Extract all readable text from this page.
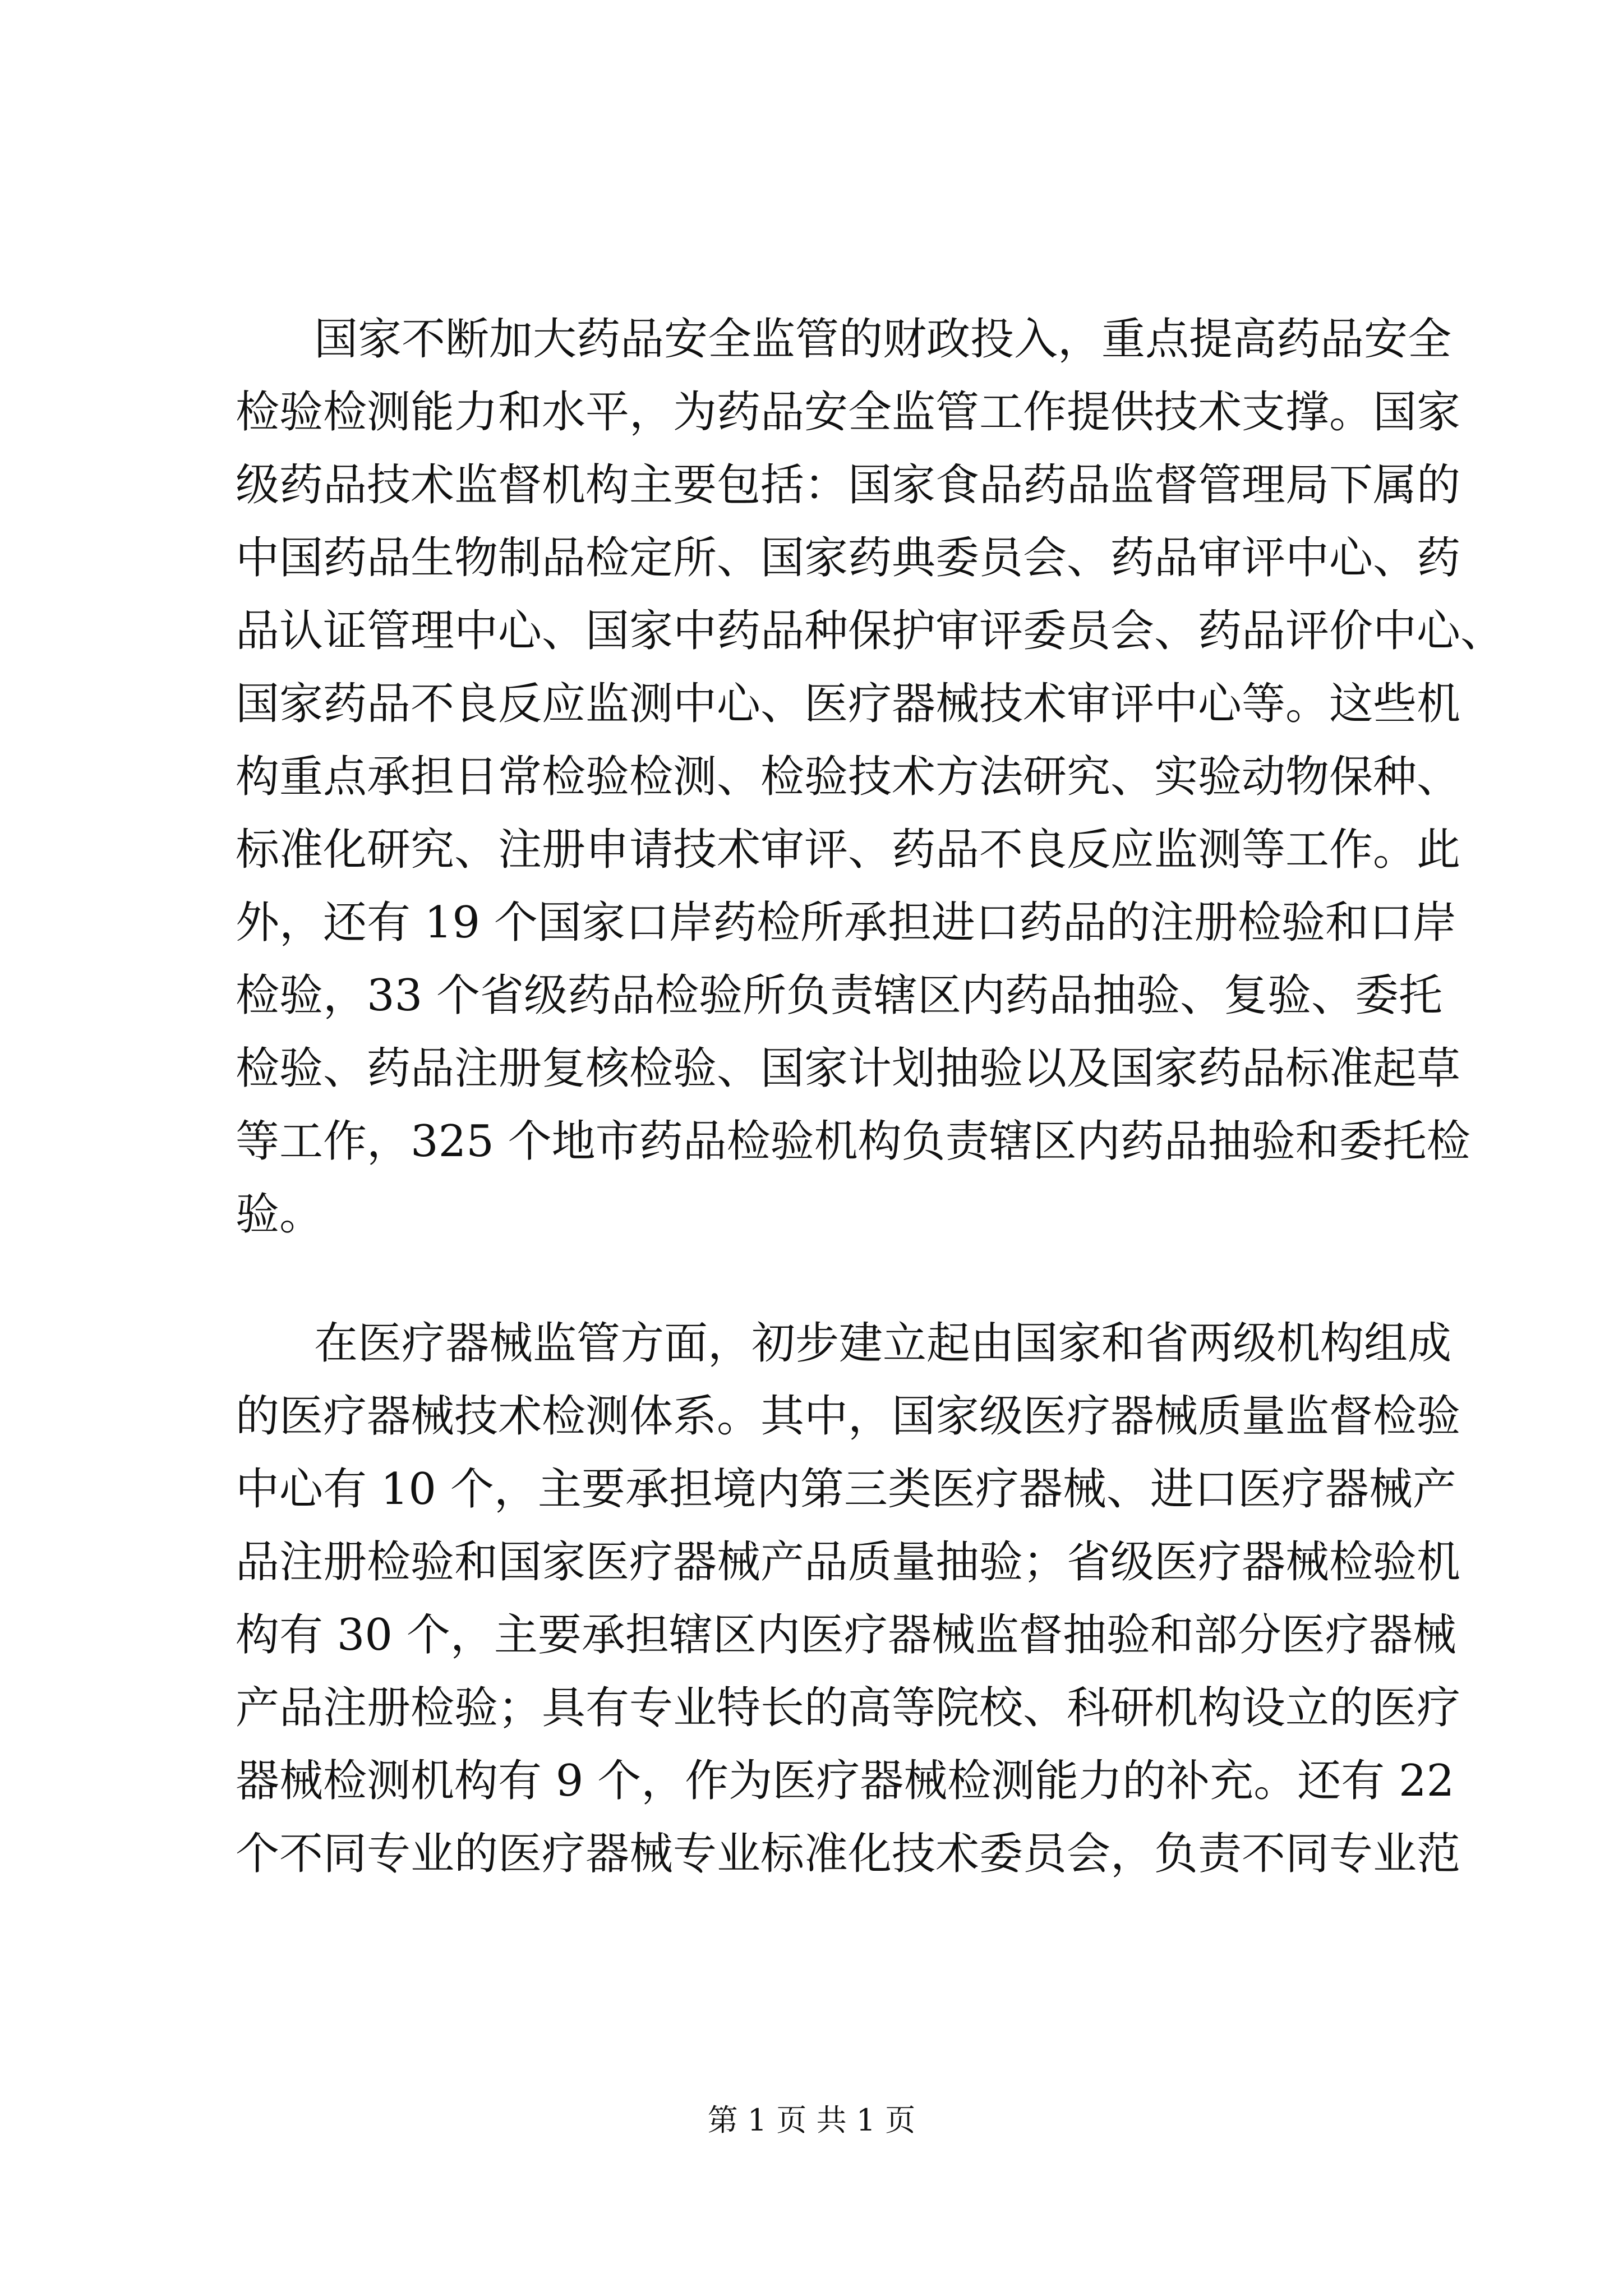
国家不断加大药品安全监管的财政投入，重点提高药品安全
检验检测能力和水平，为药品安全监管工作提供技术支撑。国家
级药品技术监督机构主要包括：国家食品药品监督管理局下属的
中国药品生物制品检定所、国家药典委员会、药品审评中心、药
品认证管理中心、国家中药品种保护审评委员会、药品评价中心、
国家药品不良反应监测中心、医疗器械技术审评中心等。这些机
构重点承担日常检验检测、检验技术方法研究、实验动物保种、
标准化研究、注册申请技术审评、药品不良反应监测等工作。此
外，还有 19 个国家口岸药检所承担进口药品的注册检验和口岸
检验，33 个省级药品检验所负责辖区内药品抽验、复验、委托
检验、药品注册复核检验、国家计划抽验以及国家药品标准起草
等工作，325 个地市药品检验机构负责辖区内药品抽验和委托检
验。
在医疗器械监管方面，初步建立起由国家和省两级机构组成
的医疗器械技术检测体系。其中，国家级医疗器械质量监督检验
中心有 10 个，主要承担境内第三类医疗器械、进口医疗器械产
品注册检验和国家医疗器械产品质量抽验；省级医疗器械检验机
构有 30 个，主要承担辖区内医疗器械监督抽验和部分医疗器械
产品注册检验；具有专业特长的高等院校、科研机构设立的医疗
器械检测机构有 9 个，作为医疗器械检测能力的补充。还有 22
个不同专业的医疗器械专业标准化技术委员会，负责不同专业范
第 1 页 共 1 页
